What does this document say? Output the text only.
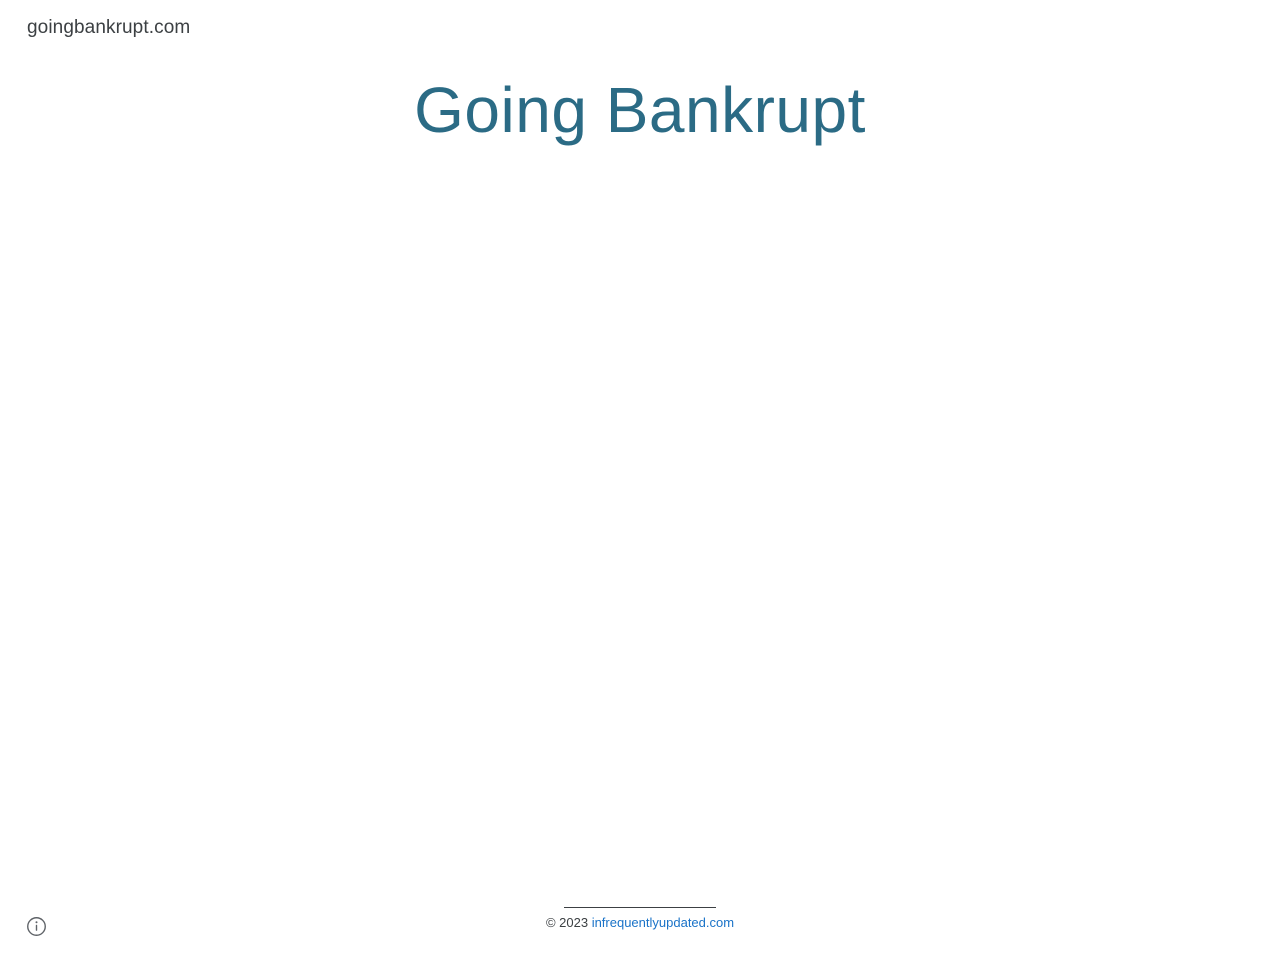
goingbankrupt.com
Going Bankrupt
© 2023 infrequentlyupdated.com
